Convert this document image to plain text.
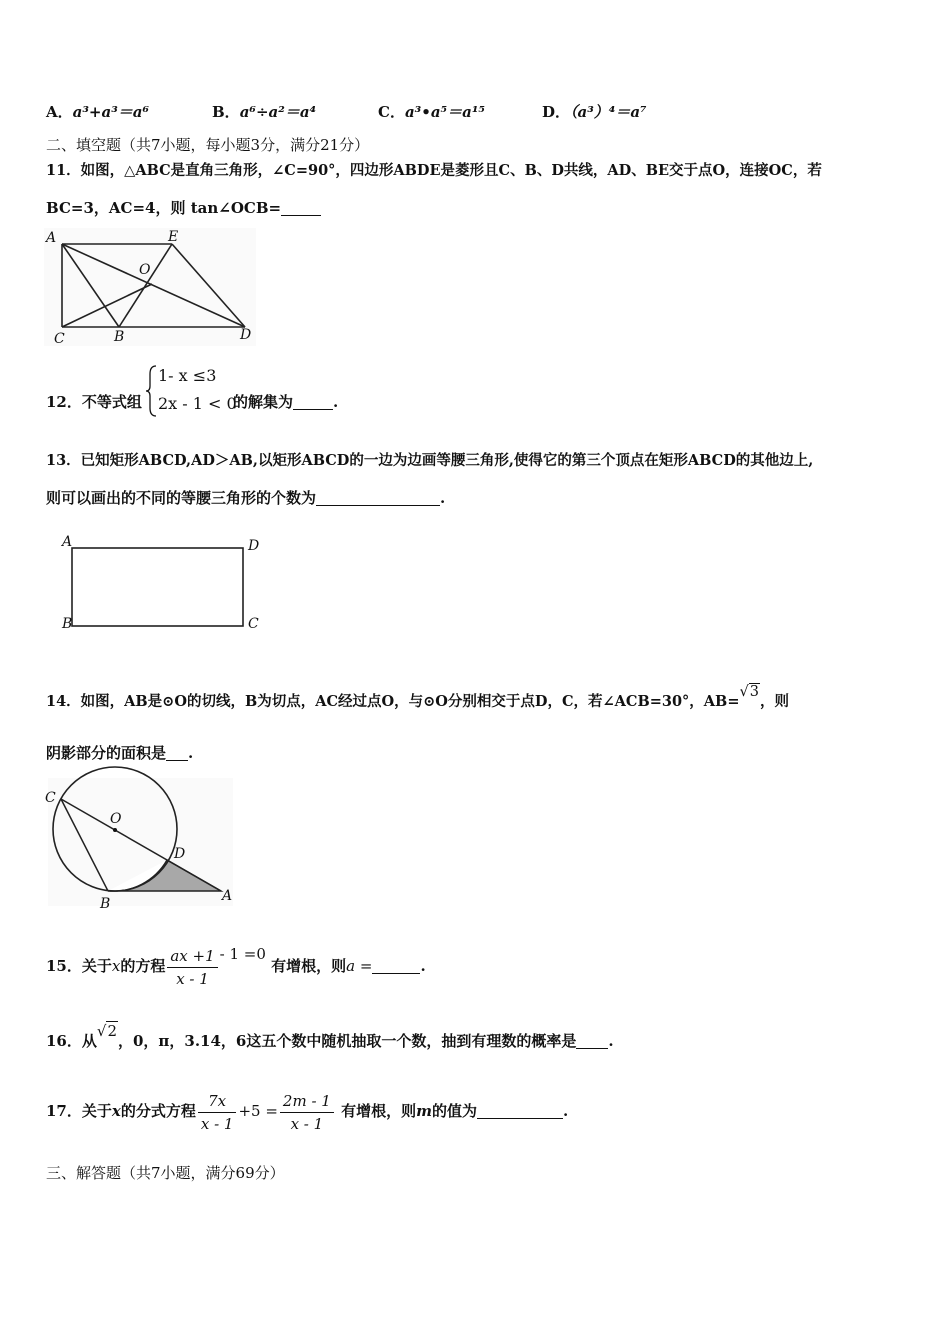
A．a³+a³＝a⁶	B．a⁶÷a²＝a⁴	C．a³•a⁵＝a¹⁵	D．（a³）⁴＝a⁷
二、填空题（共7小题，每小题3分，满分21分）
11．如图，△ABC是直角三角形，∠C=90°，四边形ABDE是菱形且C、B、D共线，AD、BE交于点O，连接OC，若
BC=3，AC=4，则 tan∠OCB=
A	E
O
C	B	D
12．不等式组
1- x ≤3
2x - 1 < 0
的解集为	.
13．已知矩形ABCD,AD＞AB,以矩形ABCD的一边为边画等腰三角形,使得它的第三个顶点在矩形ABCD的其他边上,
则可以画出的不同的等腰三角形的个数为	.
A	D
B	C
14．如图，AB是⊙O的切线，B为切点，AC经过点O，与⊙O分别相交于点D，C，若∠ACB=30°，AB=√3，则
阴影部分的面积是 .
C
O
D
B	A
15．关于x的方程 $\frac{ax +1}{x - 1} - 1 =0$ 有增根，则a =	.
16．从√2，0，π，3.14，6这五个数中随机抽取一个数，抽到有理数的概率是 .
17．关于x的分式方程 $\frac{7x}{x - 1} +5 = \frac{2m - 1}{x - 1}$ 有增根，则m的值为	.
三、解答题（共7小题，满分69分）
